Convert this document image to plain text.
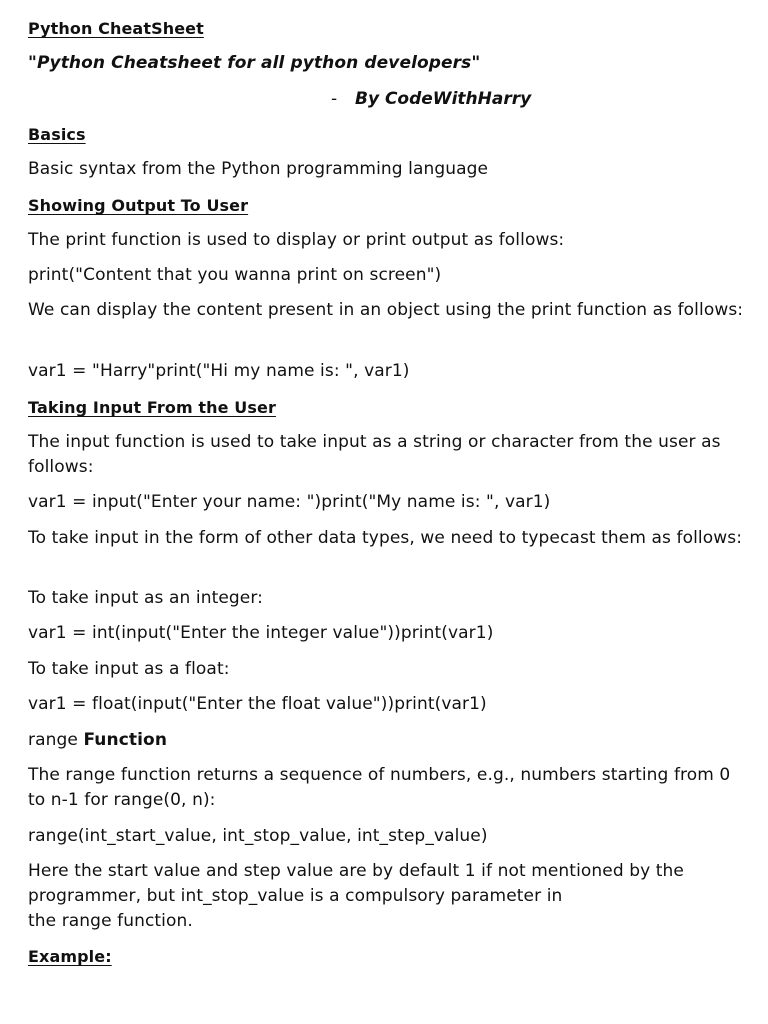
Python CheatSheet
"Python Cheatsheet for all python developers"
- By CodeWithHarry
Basics
Basic syntax from the Python programming language
Showing Output To User
The print function is used to display or print output as follows:
print("Content that you wanna print on screen")
We can display the content present in an object using the print function as follows:
var1 = "Harry"print("Hi my name is: ", var1)
Taking Input From the User
The input function is used to take input as a string or character from the user as follows:
var1 = input("Enter your name: ")print("My name is: ", var1)
To take input in the form of other data types, we need to typecast them as follows:
To take input as an integer:
var1 = int(input("Enter the integer value"))print(var1)
To take input as a float:
var1 = float(input("Enter the float value"))print(var1)
range Function
The range function returns a sequence of numbers, e.g., numbers starting from 0 to n-1 for range(0, n):
range(int_start_value, int_stop_value, int_step_value)
Here the start value and step value are by default 1 if not mentioned by the
programmer, but int_stop_value is a compulsory parameter in
the range function.
Example:
